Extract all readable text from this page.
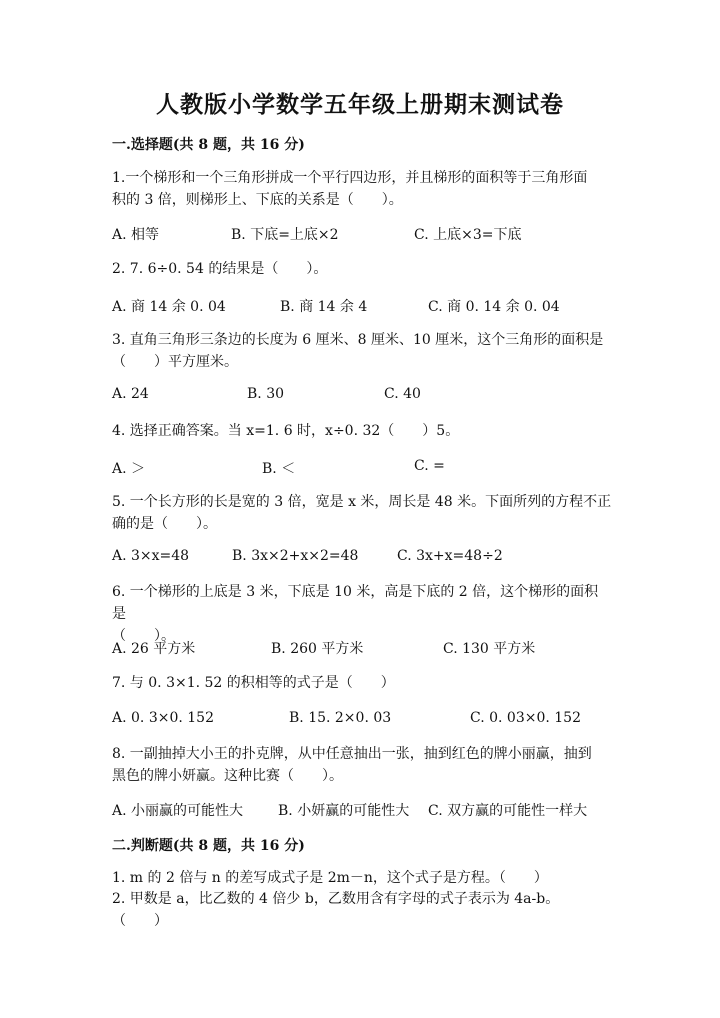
人教版小学数学五年级上册期末测试卷
一.选择题(共 8 题，共 16 分)
1.一个梯形和一个三角形拼成一个平行四边形，并且梯形的面积等于三角形面
积的 3 倍，则梯形上、下底的关系是（　　）。
A. 相等	B. 下底=上底×2	C. 上底×3=下底
2. 7. 6÷0. 54 的结果是（　　）。
A. 商 14 余 0. 04	B. 商 14 余 4	C. 商 0. 14 余 0. 04
3. 直角三角形三条边的长度为 6 厘米、8 厘米、10 厘米，这个三角形的面积是
（　　）平方厘米。
A. 24	B. 30	C. 40
4. 选择正确答案。当 x=1. 6 时，x÷0. 32（　　）5。
A. ＞	B. ＜	C. =
5. 一个长方形的长是宽的 3 倍，宽是 x 米，周长是 48 米。下面所列的方程不正
确的是（　　）。
A. 3×x=48	B. 3x×2+x×2=48	C. 3x+x=48÷2
6. 一个梯形的上底是 3 米，下底是 10 米，高是下底的 2 倍，这个梯形的面积是
（　　）。
A. 26 平方米	B. 260 平方米	C. 130 平方米
7. 与 0. 3×1. 52 的积相等的式子是（　　）
A. 0. 3×0. 152	B. 15. 2×0. 03	C. 0. 03×0. 152
8. 一副抽掉大小王的扑克牌，从中任意抽出一张，抽到红色的牌小丽赢，抽到
黑色的牌小妍赢。这种比赛（　　）。
A. 小丽赢的可能性大 B. 小妍赢的可能性大 C. 双方赢的可能性一样大
二.判断题(共 8 题，共 16 分)
1. m 的 2 倍与 n 的差写成式子是 2m－n，这个式子是方程。（　　）
2. 甲数是 a，比乙数的 4 倍少 b，乙数用含有字母的式子表示为 4a-b。
（　　）
